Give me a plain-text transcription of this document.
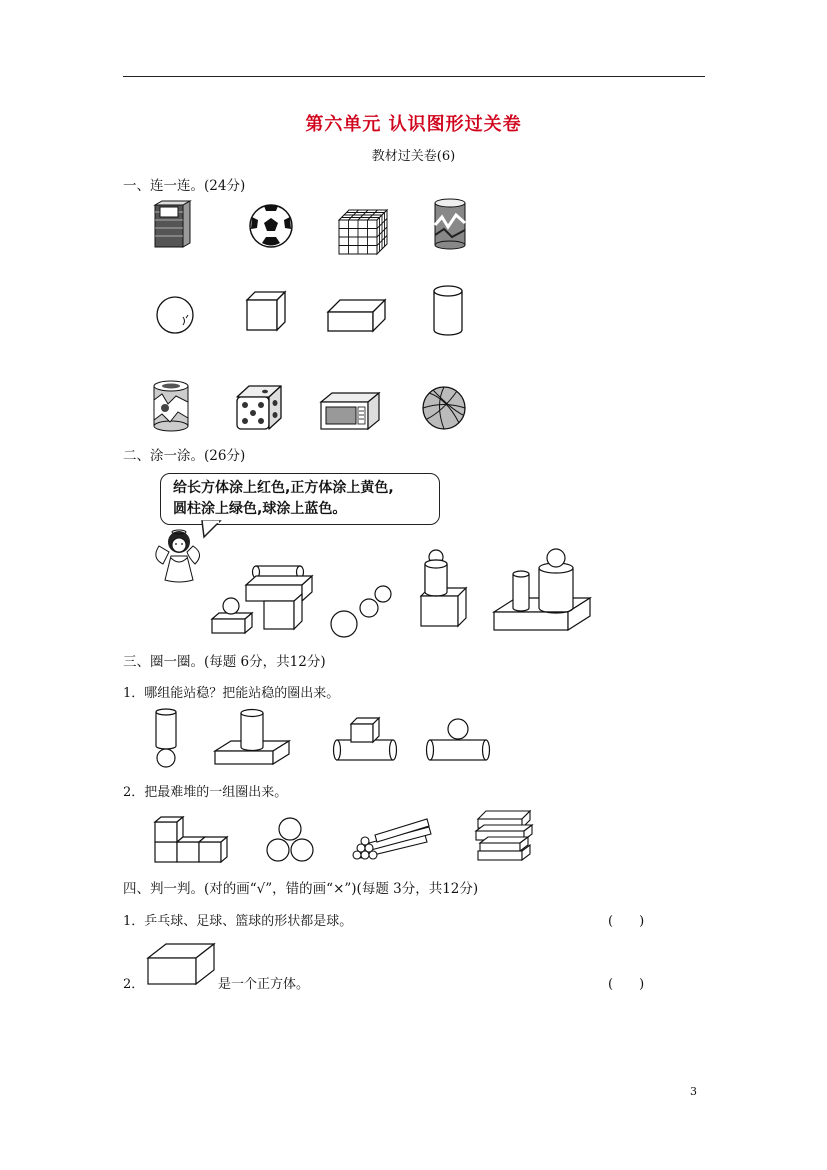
第六单元 认识图形过关卷
教材过关卷(6)
一、连一连。(24分)
二、涂一涂。(26分)
给长方体涂上红色,正方体涂上黄色,
圆柱涂上绿色,球涂上蓝色。
三、圈一圈。(每题 6分，共12分)
1．哪组能站稳？把能站稳的圈出来。
2．把最难堆的一组圈出来。
四、判一判。(对的画“√”，错的画“×”)(每题 3分，共12分)
1．乒乓球、足球、篮球的形状都是球。	(　　)
2．	是一个正方体。	(　　)
3
